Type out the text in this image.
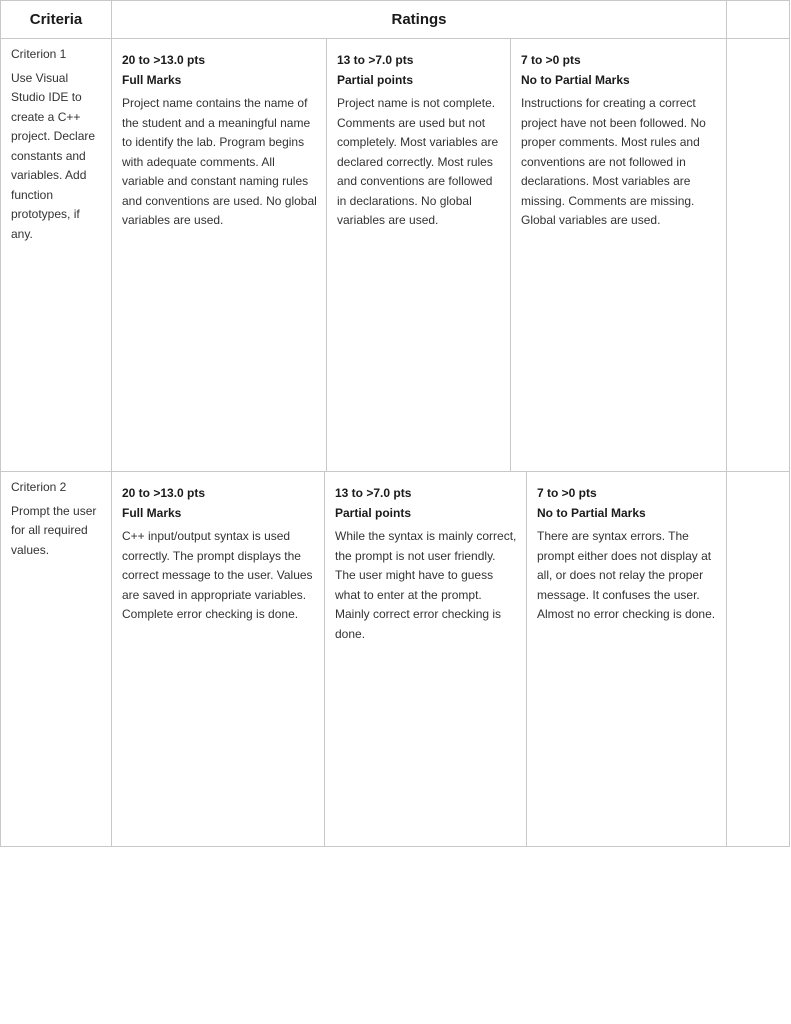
Criteria	Ratings
Criterion 1
Use Visual Studio IDE to create a C++ project. Declare constants and variables. Add function prototypes, if any.
20 to >13.0 pts
Full Marks
Project name contains the name of the student and a meaningful name to identify the lab. Program begins with adequate comments. All variable and constant naming rules and conventions are used. No global variables are used.
13 to >7.0 pts
Partial points
Project name is not complete. Comments are used but not completely. Most variables are declared correctly. Most rules and conventions are followed in declarations. No global variables are used.
7 to >0 pts
No to Partial Marks
Instructions for creating a correct project have not been followed. No proper comments. Most rules and conventions are not followed in declarations. Most variables are missing. Comments are missing. Global variables are used.
Criterion 2
Prompt the user for all required values.
20 to >13.0 pts
Full Marks
C++ input/output syntax is used correctly. The prompt displays the correct message to the user. Values are saved in appropriate variables. Complete error checking is done.
13 to >7.0 pts
Partial points
While the syntax is mainly correct, the prompt is not user friendly. The user might have to guess what to enter at the prompt. Mainly correct error checking is done.
7 to >0 pts
No to Partial Marks
There are syntax errors. The prompt either does not display at all, or does not relay the proper message. It confuses the user. Almost no error checking is done.
